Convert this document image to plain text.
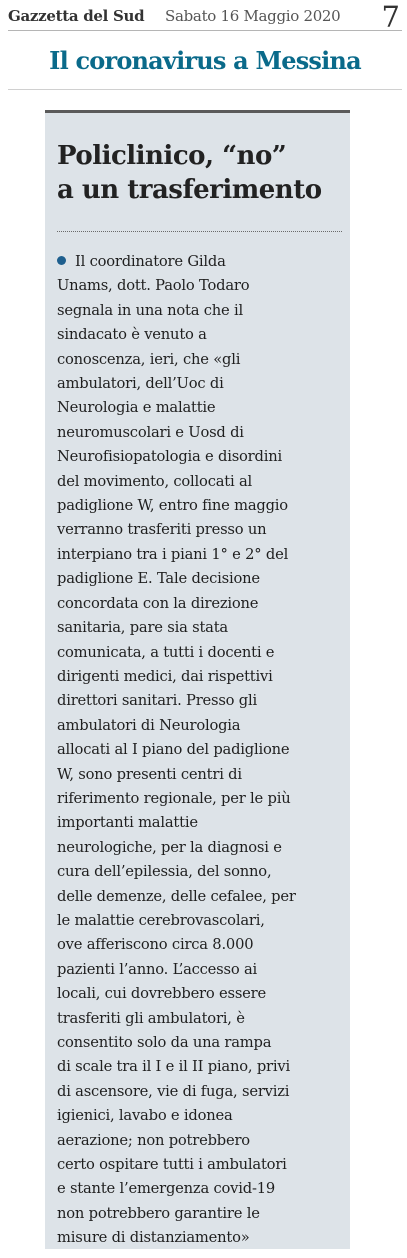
Gazzetta del Sud Sabato 16 Maggio 2020 7
Il coronavirus a Messina
Policlinico, “no”
a un trasferimento

Il coordinatore Gilda
Unams, dott. Paolo Todaro
segnala in una nota che il
sindacato è venuto a
conoscenza, ieri, che «gli
ambulatori, dell’Uoc di
Neurologia e malattie
neuromuscolari e Uosd di
Neurofisiopatologia e disordini
del movimento, collocati al
padiglione W, entro fine maggio
verranno trasferiti presso un
interpiano tra i piani 1° e 2° del
padiglione E. Tale decisione
concordata con la direzione
sanitaria, pare sia stata
comunicata, a tutti i docenti e
dirigenti medici, dai rispettivi
direttori sanitari. Presso gli
ambulatori di Neurologia
allocati al I piano del padiglione
W, sono presenti centri di
riferimento regionale, per le più
importanti malattie
neurologiche, per la diagnosi e
cura dell’epilessia, del sonno,
delle demenze, delle cefalee, per
le malattie cerebrovascolari,
ove afferiscono circa 8.000
pazienti l’anno. L’accesso ai
locali, cui dovrebbero essere
trasferiti gli ambulatori, è
consentito solo da una rampa
di scale tra il I e il II piano, privi
di ascensore, vie di fuga, servizi
igienici, lavabo e idonea
aerazione; non potrebbero
certo ospitare tutti i ambulatori
e stante l’emergenza covid-19
non potrebbero garantire le
misure di distanziamento»
